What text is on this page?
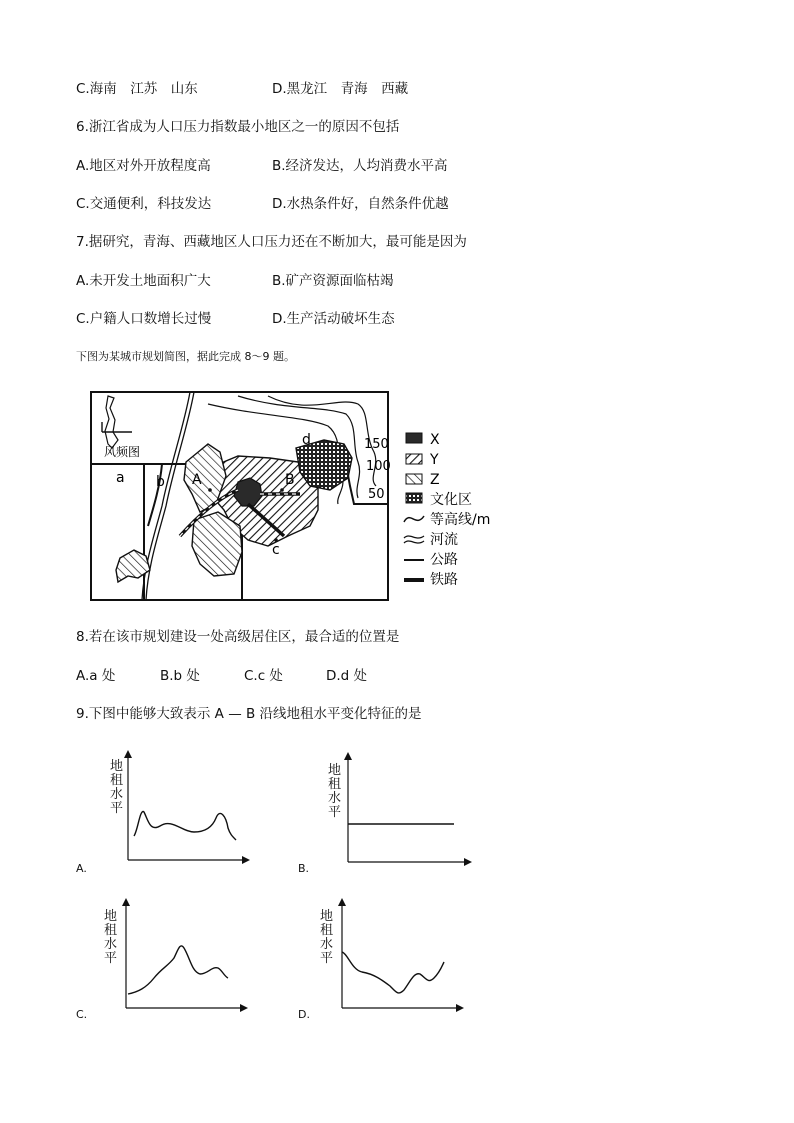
C.海南　江苏　山东	D.黑龙江　青海　西藏
6.浙江省成为人口压力指数最小地区之一的原因不包括
A.地区对外开放程度高	B.经济发达，人均消费水平高
C.交通便利，科技发达	D.水热条件好，自然条件优越
7.据研究，青海、西藏地区人口压力还在不断加大，最可能是因为
A.未开发土地面积广大	B.矿产资源面临枯竭
C.户籍人口数增长过慢	D.生产活动破坏生态
下图为某城市规划简图，据此完成 8～9 题。
风频图	150
100
50
a b A	B
c
d	X
Y
Z
文化区
等高线/m
河流
公路
铁路
8.若在该市规划建设一处高级居住区，最合适的位置是
A.a 处	B.b 处	C.c 处	D.d 处
9.下图中能够大致表示 A — B 沿线地租水平变化特征的是
地
租
水
平
A.
地
租
水
平
B.
地
租
水
平
C.
地
租
水
平
D.
